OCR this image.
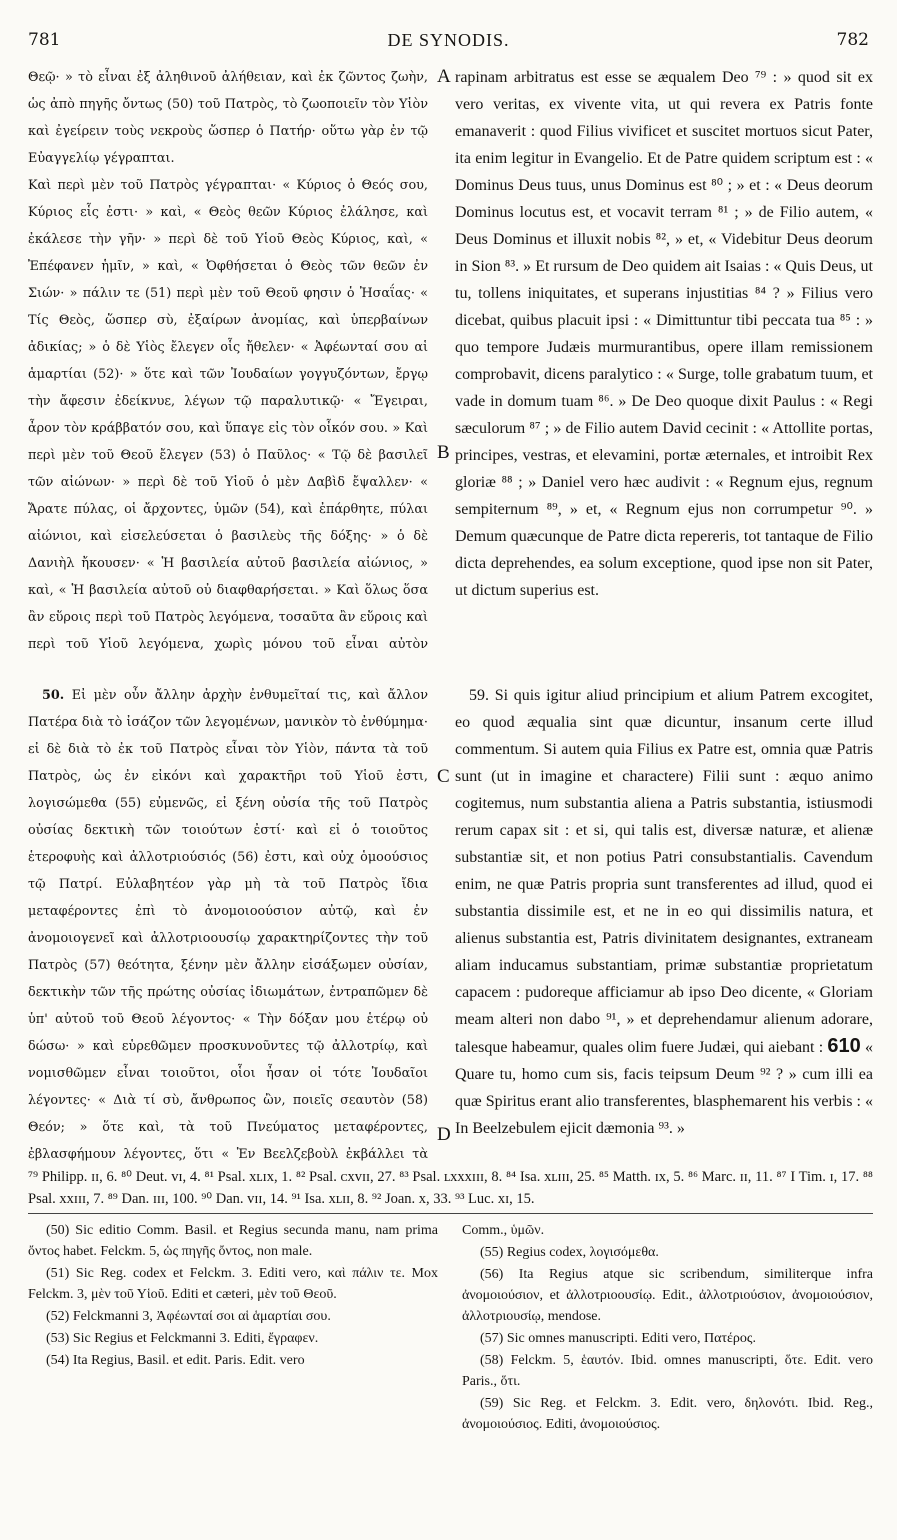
781	DE SYNODIS.	782

Θεῷ· » τὸ εἶναι ἐξ ἀληθινοῦ ἀλήθειαν, καὶ ἐκ ζῶντος ζωὴν, ὡς ἀπὸ πηγῆς ὄντως (50) τοῦ Πατρὸς, τὸ ζωοποιεῖν τὸν Υἱὸν καὶ ἐγείρειν τοὺς νεκροὺς ὥσπερ ὁ Πατήρ· οὕτω γὰρ ἐν τῷ Εὐαγγελίῳ γέγραπται.

Καὶ περὶ μὲν τοῦ Πατρὸς γέγραπται· « Κύριος ὁ Θεός σου, Κύριος εἷς ἐστι· » καὶ, « Θεὸς θεῶν Κύριος ἐλάλησε, καὶ ἐκάλεσε τὴν γῆν· » περὶ δὲ τοῦ Υἱοῦ Θεὸς Κύριος, καὶ, « Ἐπέφανεν ἡμῖν, » καὶ, « Ὀφθήσεται ὁ Θεὸς τῶν θεῶν ἐν Σιών· » πάλιν τε (51) περὶ μὲν τοῦ Θεοῦ φησιν ὁ Ἠσαΐας· « Τίς Θεὸς, ὥσπερ σὺ, ἐξαίρων ἀνομίας, καὶ ὑπερβαίνων ἀδικίας; » ὁ δὲ Υἱὸς ἔλεγεν οἷς ἤθελεν· « Ἀφέωνταί σου αἱ ἁμαρτίαι (52)· » ὅτε καὶ τῶν Ἰουδαίων γογγυζόντων, ἔργῳ τὴν ἄφεσιν ἐδείκνυε, λέγων τῷ παραλυτικῷ· « Ἔγειραι, ἆρον τὸν κράββατόν σου, καὶ ὕπαγε εἰς τὸν οἶκόν σου. » Καὶ περὶ μὲν τοῦ Θεοῦ ἔλεγεν (53) ὁ Παῦλος· « Τῷ δὲ βασιλεῖ τῶν αἰώνων· » περὶ δὲ τοῦ Υἱοῦ ὁ μὲν Δαβὶδ ἔψαλλεν· « Ἄρατε πύλας, οἱ ἄρχοντες, ὑμῶν (54), καὶ ἐπάρθητε, πύλαι αἰώνιοι, καὶ εἰσελεύσεται ὁ βασιλεὺς τῆς δόξης· » ὁ δὲ Δανιὴλ ἤκουσεν· « Ἡ βασιλεία αὐτοῦ βασιλεία αἰώνιος, » καὶ, « Ἡ βασιλεία αὐτοῦ οὐ διαφθαρήσεται. » Καὶ ὅλως ὅσα ἂν εὕροις περὶ τοῦ Πατρὸς λεγόμενα, τοσαῦτα ἂν εὕροις καὶ περὶ τοῦ Υἱοῦ λεγόμενα, χωρὶς μόνου τοῦ εἶναι αὐτὸν

rapinam arbitratus est esse se æqualem Deo ⁷⁹ : » quod sit ex vero veritas, ex vivente vita, ut qui revera ex Patris fonte emanaverit : quod Filius vivificet et suscitet mortuos sicut Pater, ita enim legitur in Evangelio. Et de Patre quidem scriptum est : « Dominus Deus tuus, unus Dominus est ⁸⁰ ; » et : « Deus deorum Dominus locutus est, et vocavit terram ⁸¹ ; » de Filio autem, « Deus Dominus et illuxit nobis ⁸², » et, « Videbitur Deus deorum in Sion ⁸³. » Et rursum de Deo quidem ait Isaias : « Quis Deus, ut tu, tollens iniquitates, et superans injustitias ⁸⁴ ? » Filius vero dicebat, quibus placuit ipsi : « Dimittuntur tibi peccata tua ⁸⁵ : » quo tempore Judæis murmurantibus, opere illam remissionem comprobavit, dicens paralytico : « Surge, tolle grabatum tuum, et vade in domum tuam ⁸⁶. » De Deo quoque dixit Paulus : « Regi sæculorum ⁸⁷ ; » de Filio autem David cecinit : « Attollite portas, principes, vestras, et elevamini, portæ æternales, et introibit Rex gloriæ ⁸⁸ ; » Daniel vero hæc audivit : « Regnum ejus, regnum sempiternum ⁸⁹, » et, « Regnum ejus non corrumpetur ⁹⁰. » Demum quæcunque de Patre dicta repereris, tot tantaque de Filio dicta deprehendes, ea solum exceptione, quod ipse non sit Pater, ut dictum superius est.

A
B
C
D

50. Εἰ μὲν οὖν ἄλλην ἀρχὴν ἐνθυμεῖταί τις, καὶ ἄλλον Πατέρα διὰ τὸ ἰσάζον τῶν λεγομένων, μανικὸν τὸ ἐνθύμημα· εἰ δὲ διὰ τὸ ἐκ τοῦ Πατρὸς εἶναι τὸν Υἱὸν, πάντα τὰ τοῦ Πατρὸς, ὡς ἐν εἰκόνι καὶ χαρακτῆρι τοῦ Υἱοῦ ἐστι, λογισώμεθα (55) εὐμενῶς, εἰ ξένη οὐσία τῆς τοῦ Πατρὸς οὐσίας δεκτικὴ τῶν τοιούτων ἐστί· καὶ εἰ ὁ τοιοῦτος ἑτεροφυὴς καὶ ἀλλοτριούσιός (56) ἐστι, καὶ οὐχ ὁμοούσιος τῷ Πατρί. Εὐλαβητέον γὰρ μὴ τὰ τοῦ Πατρὸς ἴδια μεταφέροντες ἐπὶ τὸ ἀνομοιοούσιον αὐτῷ, καὶ ἐν ἀνομοιογενεῖ καὶ ἀλλοτριοουσίῳ χαρακτηρίζοντες τὴν τοῦ Πατρὸς (57) θεότητα, ξένην μὲν ἄλλην εἰσάξωμεν οὐσίαν, δεκτικὴν τῶν τῆς πρώτης οὐσίας ἰδιωμάτων, ἐντραπῶμεν δὲ ὑπ' αὐτοῦ τοῦ Θεοῦ λέγοντος· « Τὴν δόξαν μου ἑτέρῳ οὐ δώσω· » καὶ εὑρεθῶμεν προσκυνοῦντες τῷ ἀλλοτρίῳ, καὶ νομισθῶμεν εἶναι τοιοῦτοι, οἷοι ἦσαν οἱ τότε Ἰουδαῖοι λέγοντες· « Διὰ τί σὺ, ἄνθρωπος ὢν, ποιεῖς σεαυτὸν (58) Θεόν; » ὅτε καὶ, τὰ τοῦ Πνεύματος μεταφέροντες, ἐβλασφήμουν λέγοντες, ὅτι « Ἐν Βεελζεβοὺλ ἐκβάλλει τὰ

59. Si quis igitur aliud principium et alium Patrem excogitet, eo quod æqualia sint quæ dicuntur, insanum certe illud commentum. Si autem quia Filius ex Patre est, omnia quæ Patris sunt (ut in imagine et charactere) Filii sunt : æquo animo cogitemus, num substantia aliena a Patris substantia, istiusmodi rerum capax sit : et si, qui talis est, diversæ naturæ, et alienæ substantiæ sit, et non potius Patri consubstantialis. Cavendum enim, ne quæ Patris propria sunt transferentes ad illud, quod ei substantia dissimile est, et ne in eo qui dissimilis natura, et alienus substantia est, Patris divinitatem designantes, extraneam aliam inducamus substantiam, primæ substantiæ proprietatum capacem : pudoreque afficiamur ab ipso Deo dicente, « Gloriam meam alteri non dabo ⁹¹, » et deprehendamur alienum adorare, talesque habeamur, quales olim fuere Judæi, qui aiebant : 610 « Quare tu, homo cum sis, facis teipsum Deum ⁹² ? » cum illi ea quæ Spiritus erant alio transferentes, blasphemarent his verbis : « In Beelzebulem ejicit dæmonia ⁹³. »

⁷⁹ Philipp. ɪɪ, 6. ⁸⁰ Deut. ᴠɪ, 4. ⁸¹ Psal. xʟɪx, 1. ⁸² Psal. ᴄxᴠɪɪ, 27. ⁸³ Psal. ʟxxxɪɪɪ, 8. ⁸⁴ Isa. xʟɪɪɪ, 25. ⁸⁵ Matth. ɪx, 5. ⁸⁶ Marc. ɪɪ, 11. ⁸⁷ I Tim. ɪ, 17. ⁸⁸ Psal. xxɪɪɪ, 7. ⁸⁹ Dan. ɪɪɪ, 100. ⁹⁰ Dan. ᴠɪɪ, 14. ⁹¹ Isa. xʟɪɪ, 8. ⁹² Joan. x, 33. ⁹³ Luc. xɪ, 15.

(50) Sic editio Comm. Basil. et Regius secunda manu, nam prima ὄντος habet. Felckm. 5, ὡς πηγῆς ὄντος, non male.

(51) Sic Reg. codex et Felckm. 3. Editi vero, καὶ πάλιν τε. Mox Felckm. 3, μὲν τοῦ Υἱοῦ. Editi et cæteri, μὲν τοῦ Θεοῦ.

(52) Felckmanni 3, Ἀφέωνταί σοι αἱ ἁμαρτίαι σου.

(53) Sic Regius et Felckmanni 3. Editi, ἔγραφεν.

(54) Ita Regius, Basil. et edit. Paris. Edit. vero

Comm., ὑμῶν.

(55) Regius codex, λογισόμεθα.

(56) Ita Regius atque sic scribendum, similiterque infra ἀνομοιούσιον, et ἀλλοτριοουσίῳ. Edit., ἀλλοτριούσιον, ἀνομοιούσιον, ἀλλοτριουσίῳ, mendose.

(57) Sic omnes manuscripti. Editi vero, Πατέρος.

(58) Felckm. 5, ἑαυτόν. Ibid. omnes manuscripti, ὅτε. Edit. vero Paris., ὅτι.

(59) Sic Reg. et Felckm. 3. Edit. vero, δηλονότι. Ibid. Reg., ἀνομοιούσιος. Editi, ἀνομοιούσιος.
